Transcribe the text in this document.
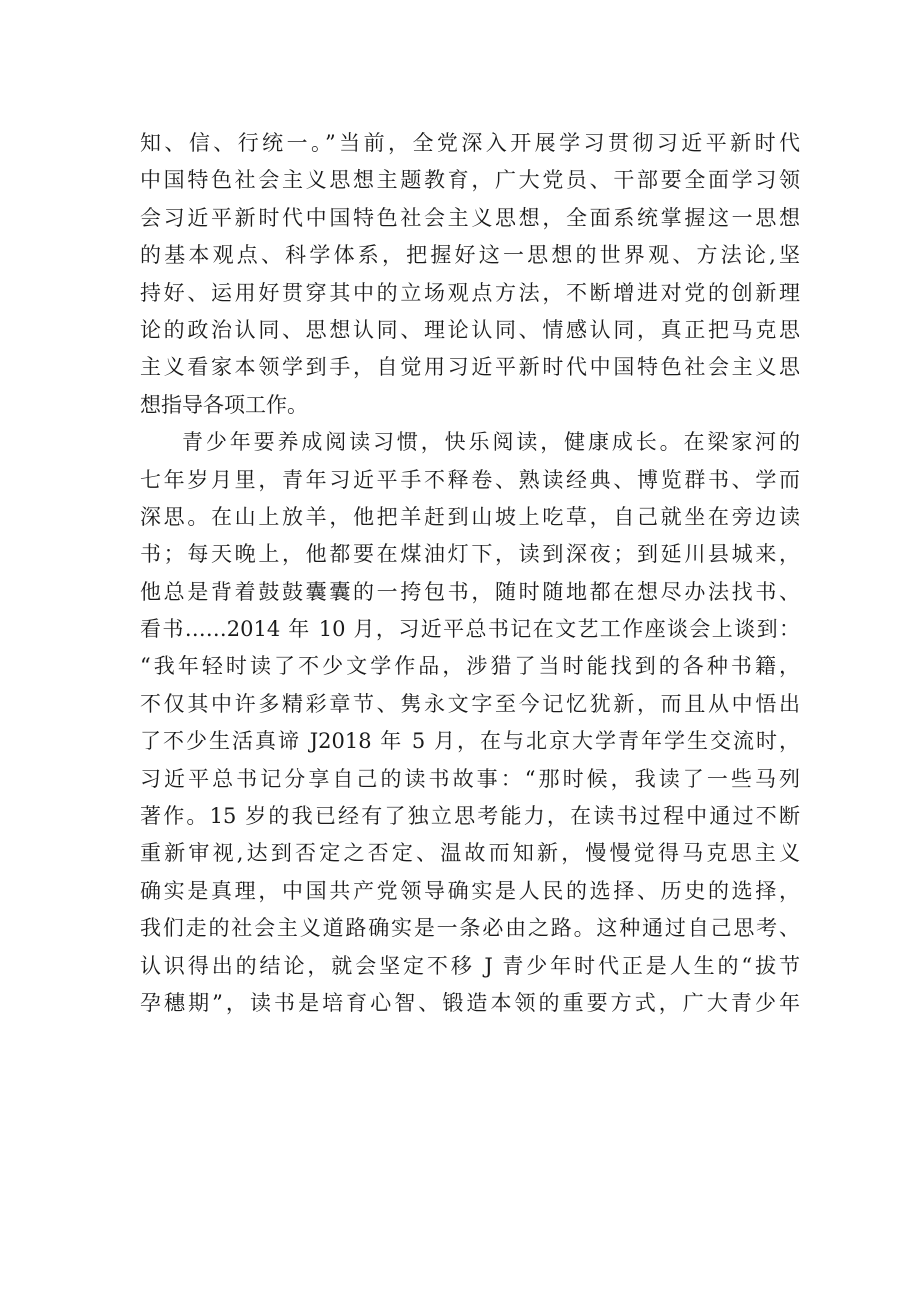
知、信、行统一。”当前，全党深入开展学习贯彻习近平新时代
中国特色社会主义思想主题教育，广大党员、干部要全面学习领
会习近平新时代中国特色社会主义思想，全面系统掌握这一思想
的基本观点、科学体系，把握好这一思想的世界观、方法论,坚
持好、运用好贯穿其中的立场观点方法，不断增进对党的创新理
论的政治认同、思想认同、理论认同、情感认同，真正把马克思
主义看家本领学到手，自觉用习近平新时代中国特色社会主义思
想指导各项工作。
青少年要养成阅读习惯，快乐阅读，健康成长。在梁家河的
七年岁月里，青年习近平手不释卷、熟读经典、博览群书、学而
深思。在山上放羊，他把羊赶到山坡上吃草，自己就坐在旁边读
书；每天晚上，他都要在煤油灯下，读到深夜；到延川县城来，
他总是背着鼓鼓囊囊的一挎包书，随时随地都在想尽办法找书、
看书……2014 年 10 月，习近平总书记在文艺工作座谈会上谈到：
“我年轻时读了不少文学作品，涉猎了当时能找到的各种书籍，
不仅其中许多精彩章节、隽永文字至今记忆犹新，而且从中悟出
了不少生活真谛 J2018 年 5 月，在与北京大学青年学生交流时，
习近平总书记分享自己的读书故事：“那时候，我读了一些马列
著作。15 岁的我已经有了独立思考能力，在读书过程中通过不断
重新审视,达到否定之否定、温故而知新，慢慢觉得马克思主义
确实是真理，中国共产党领导确实是人民的选择、历史的选择，
我们走的社会主义道路确实是一条必由之路。这种通过自己思考、
认识得出的结论，就会坚定不移 J 青少年时代正是人生的“拔节
孕穗期”，读书是培育心智、锻造本领的重要方式，广大青少年
